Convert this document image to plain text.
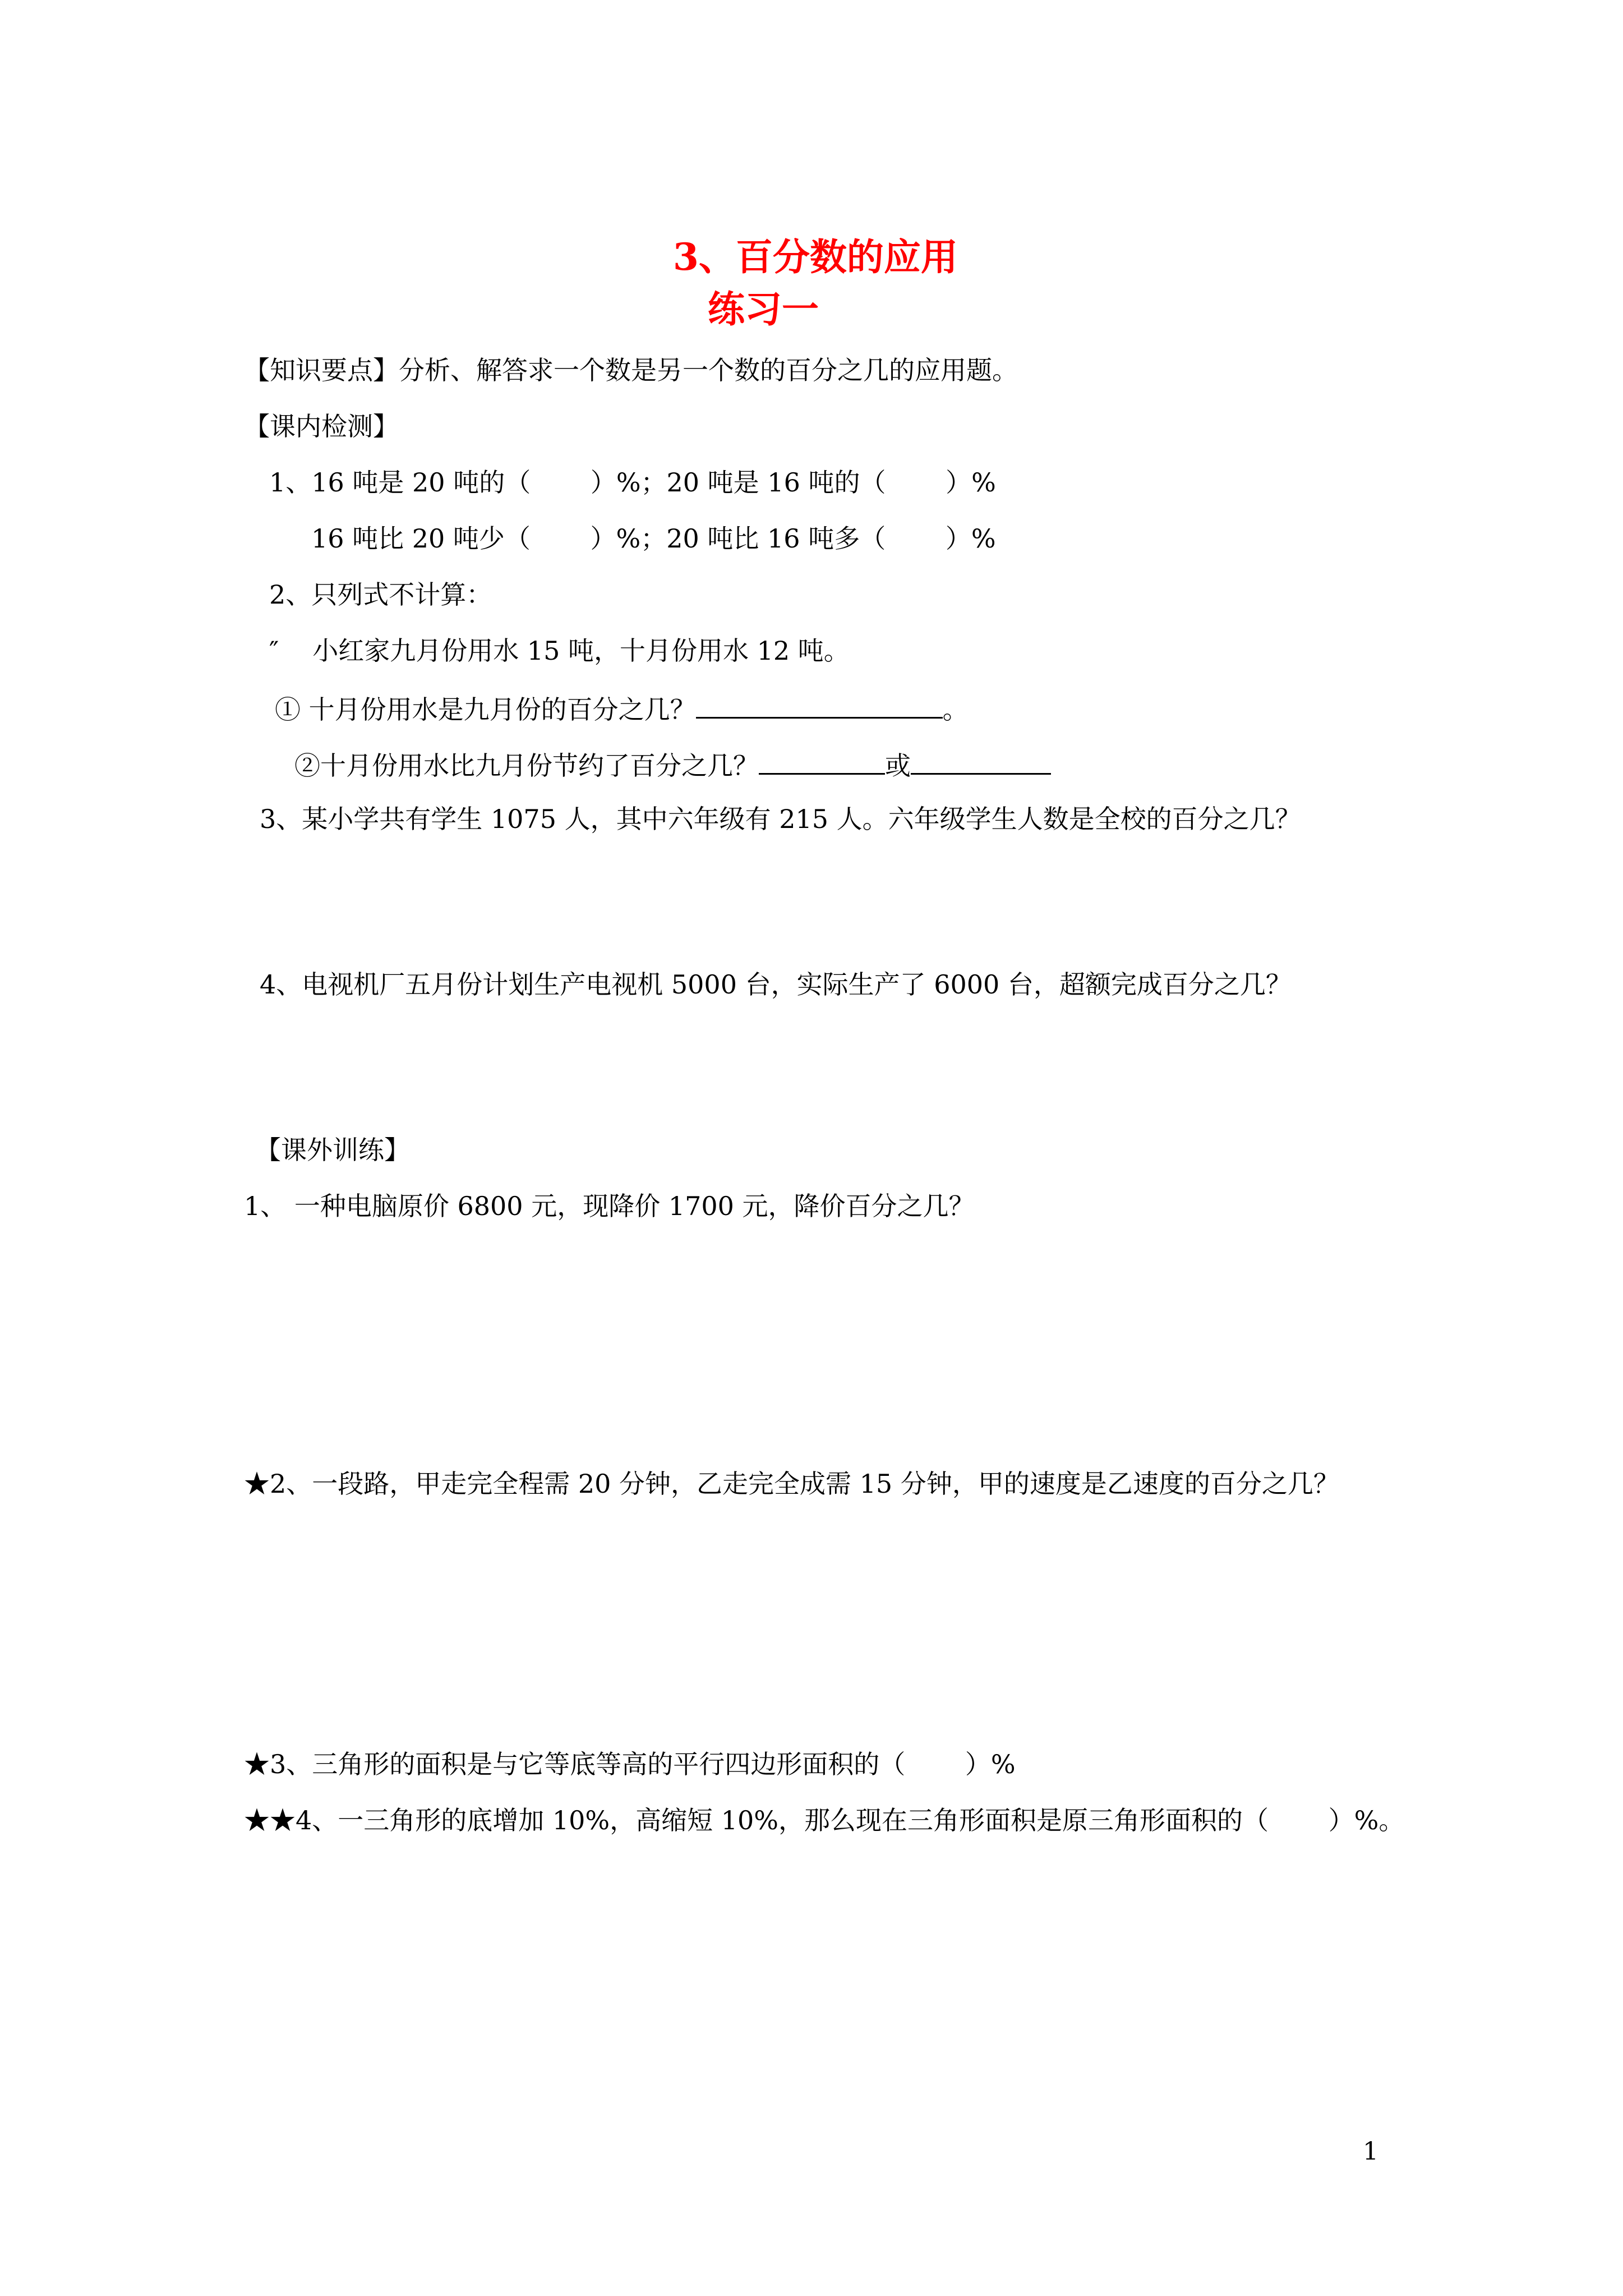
3、百分数的应用
练习一
【知识要点】分析、解答求一个数是另一个数的百分之几的应用题。
【课内检测】
1、16 吨是 20 吨的（　　 ）%；20 吨是 16 吨的（　　 ）%
16 吨比 20 吨少（　　 ）%；20 吨比 16 吨多（　　 ）%
2、只列式不计算：
″ 小红家九月份用水 15 吨，十月份用水 12 吨。
① 十月份用水是九月份的百分之几？	。
②十月份用水比九月份节约了百分之几？	或
3、某小学共有学生 1075 人，其中六年级有 215 人。六年级学生人数是全校的百分之几？
4、电视机厂五月份计划生产电视机 5000 台，实际生产了 6000 台，超额完成百分之几？
【课外训练】
1、 一种电脑原价 6800 元，现降价 1700 元，降价百分之几？
★2、一段路，甲走完全程需 20 分钟，乙走完全成需 15 分钟，甲的速度是乙速度的百分之几？
★3、三角形的面积是与它等底等高的平行四边形面积的（　　 ）%
★★4、一三角形的底增加 10%，高缩短 10%，那么现在三角形面积是原三角形面积的（　　 ）%。
1
